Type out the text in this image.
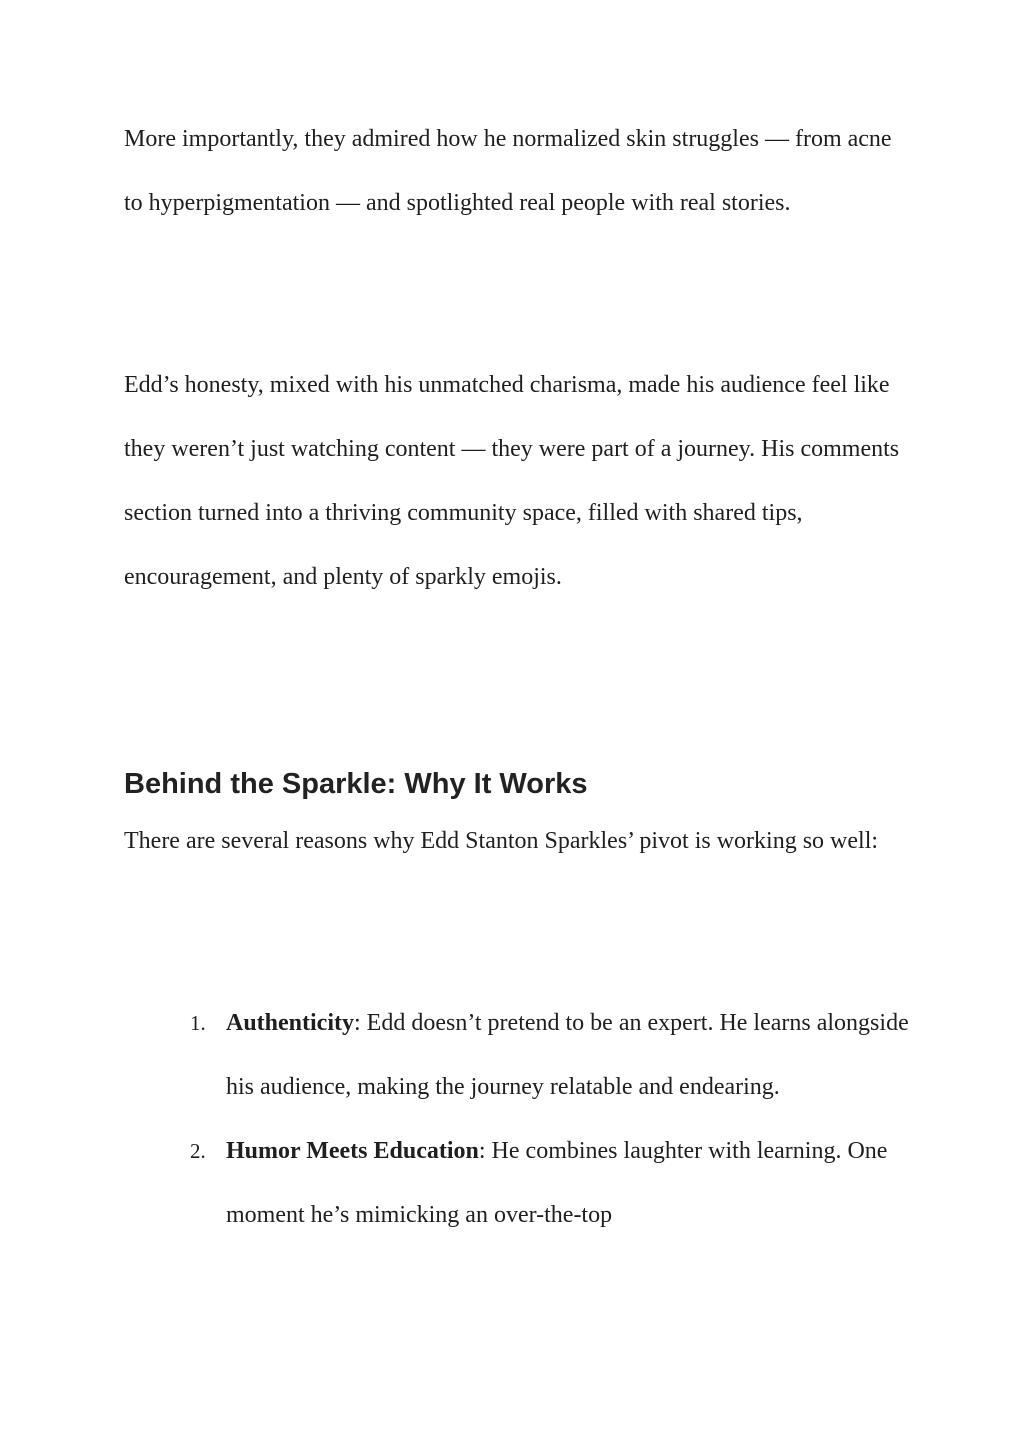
More importantly, they admired how he normalized skin struggles — from acne to hyperpigmentation — and spotlighted real people with real stories.

Edd’s honesty, mixed with his unmatched charisma, made his audience feel like they weren’t just watching content — they were part of a journey. His comments section turned into a thriving community space, filled with shared tips, encouragement, and plenty of sparkly emojis.

Behind the Sparkle: Why It Works

There are several reasons why Edd Stanton Sparkles’ pivot is working so well:

1. Authenticity: Edd doesn’t pretend to be an expert. He learns alongside his audience, making the journey relatable and endearing.
2. Humor Meets Education: He combines laughter with learning. One moment he’s mimicking an over-the-top
